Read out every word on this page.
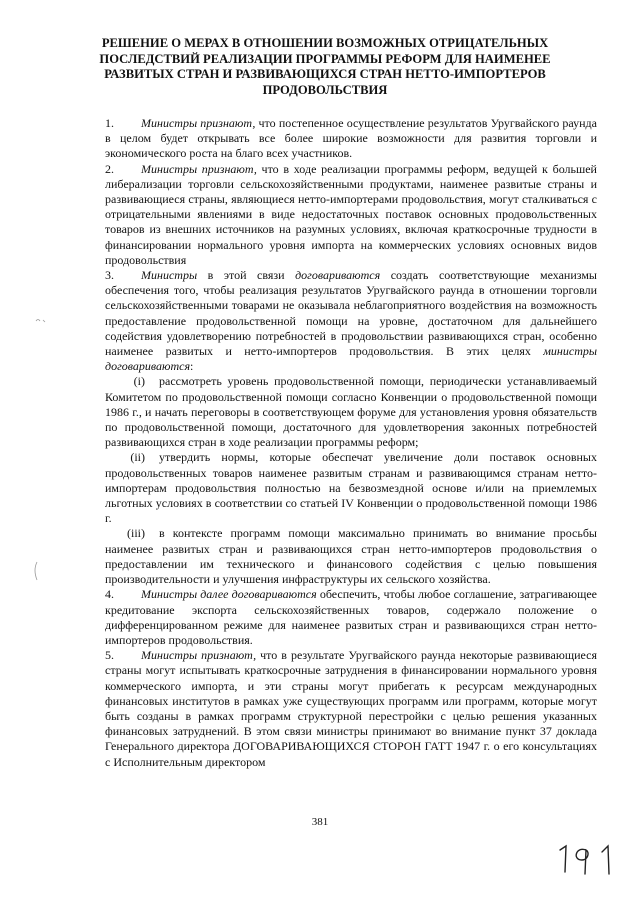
РЕШЕНИЕ О МЕРАХ В ОТНОШЕНИИ ВОЗМОЖНЫХ ОТРИЦАТЕЛЬНЫХ ПОСЛЕДСТВИЙ РЕАЛИЗАЦИИ ПРОГРАММЫ РЕФОРМ ДЛЯ НАИМЕНЕЕ РАЗВИТЫХ СТРАН И РАЗВИВАЮЩИХСЯ СТРАН НЕТТО-ИМПОРТЕРОВ ПРОДОВОЛЬСТВИЯ

1. Министры признают, что постепенное осуществление результатов Уругвайского раунда в целом будет открывать все более широкие возможности для развития торговли и экономического роста на благо всех участников.

2. Министры признают, что в ходе реализации программы реформ, ведущей к большей либерализации торговли сельскохозяйственными продуктами, наименее развитые страны и развивающиеся страны, являющиеся нетто-импортерами продовольствия, могут сталкиваться с отрицательными явлениями в виде недостаточных поставок основных продовольственных товаров из внешних источников на разумных условиях, включая краткосрочные трудности в финансировании нормального уровня импорта на коммерческих условиях основных видов продовольствия

3. Министры в этой связи договариваются создать соответствующие механизмы обеспечения того, чтобы реализация результатов Уругвайского раунда в отношении торговли сельскохозяйственными товарами не оказывала неблагоприятного воздействия на возможность предоставление продовольственной помощи на уровне, достаточном для дальнейшего содействия удовлетворению потребностей в продовольствии развивающихся стран, особенно наименее развитых и нетто-импортеров продовольствия. В этих целях министры договариваются:

(i) рассмотреть уровень продовольственной помощи, периодически устанавливаемый Комитетом по продовольственной помощи согласно Конвенции о продовольственной помощи 1986 г., и начать переговоры в соответствующем форуме для установления уровня обязательств по продовольственной помощи, достаточного для удовлетворения законных потребностей развивающихся стран в ходе реализации программы реформ;

(ii) утвердить нормы, которые обеспечат увеличение доли поставок основных продовольственных товаров наименее развитым странам и развивающимся странам нетто-импортерам продовольствия полностью на безвозмездной основе и/или на приемлемых льготных условиях в соответствии со статьей IV Конвенции о продовольственной помощи 1986 г.

(iii) в контексте программ помощи максимально принимать во внимание просьбы наименее развитых стран и развивающихся стран нетто-импортеров продовольствия о предоставлении им технического и финансового содействия с целью повышения производительности и улучшения инфраструктуры их сельского хозяйства.

4. Министры далее договариваются обеспечить, чтобы любое соглашение, затрагивающее кредитование экспорта сельскохозяйственных товаров, содержало положение о дифференцированном режиме для наименее развитых стран и развивающихся стран нетто-импортеров продовольствия.

5. Министры признают, что в результате Уругвайского раунда некоторые развивающиеся страны могут испытывать краткосрочные затруднения в финансировании нормального уровня коммерческого импорта, и эти страны могут прибегать к ресурсам международных финансовых институтов в рамках уже существующих программ или программ, которые могут быть созданы в рамках программ структурной перестройки с целью решения указанных финансовых затруднений. В этом связи министры принимают во внимание пункт 37 доклада Генерального директора ДОГОВАРИВАЮЩИХСЯ СТОРОН ГАТТ 1947 г. о его консультациях с Исполнительным директором

381
